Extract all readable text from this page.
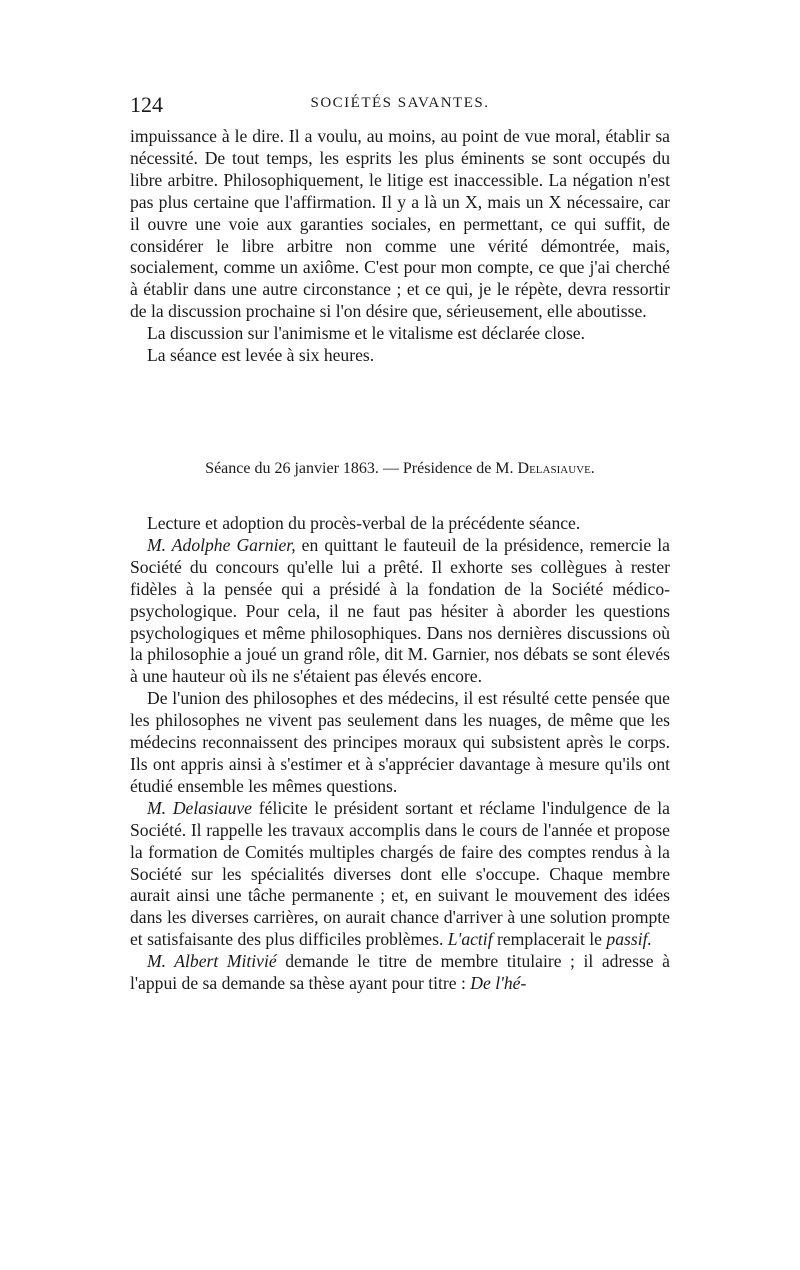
124	SOCIÉTÉS SAVANTES.

impuissance à le dire. Il a voulu, au moins, au point de vue moral, établir sa nécessité. De tout temps, les esprits les plus éminents se sont occupés du libre arbitre. Philosophiquement, le litige est inaccessible. La négation n'est pas plus certaine que l'affirmation. Il y a là un X, mais un X nécessaire, car il ouvre une voie aux garanties sociales, en permettant, ce qui suffit, de considérer le libre arbitre non comme une vérité démontrée, mais, socialement, comme un axiôme. C'est pour mon compte, ce que j'ai cherché à établir dans une autre circonstance ; et ce qui, je le répète, devra ressortir de la discussion prochaine si l'on désire que, sérieusement, elle aboutisse.

La discussion sur l'animisme et le vitalisme est déclarée close.

La séance est levée à six heures.

Séance du 26 janvier 1863. — Présidence de M. Delasiauve.

Lecture et adoption du procès-verbal de la précédente séance.

M. Adolphe Garnier, en quittant le fauteuil de la présidence, remercie la Société du concours qu'elle lui a prêté. Il exhorte ses collègues à rester fidèles à la pensée qui a présidé à la fondation de la Société médico-psychologique. Pour cela, il ne faut pas hésiter à aborder les questions psychologiques et même philosophiques. Dans nos dernières discussions où la philosophie a joué un grand rôle, dit M. Garnier, nos débats se sont élevés à une hauteur où ils ne s'étaient pas élevés encore.

De l'union des philosophes et des médecins, il est résulté cette pensée que les philosophes ne vivent pas seulement dans les nuages, de même que les médecins reconnaissent des principes moraux qui subsistent après le corps. Ils ont appris ainsi à s'estimer et à s'apprécier davantage à mesure qu'ils ont étudié ensemble les mêmes questions.

M. Delasiauve félicite le président sortant et réclame l'indulgence de la Société. Il rappelle les travaux accomplis dans le cours de l'année et propose la formation de Comités multiples chargés de faire des comptes rendus à la Société sur les spécialités diverses dont elle s'occupe. Chaque membre aurait ainsi une tâche permanente ; et, en suivant le mouvement des idées dans les diverses carrières, on aurait chance d'arriver à une solution prompte et satisfaisante des plus difficiles problèmes. L'actif remplacerait le passif.

M. Albert Mitivié demande le titre de membre titulaire ; il adresse à l'appui de sa demande sa thèse ayant pour titre : De l'hé-
